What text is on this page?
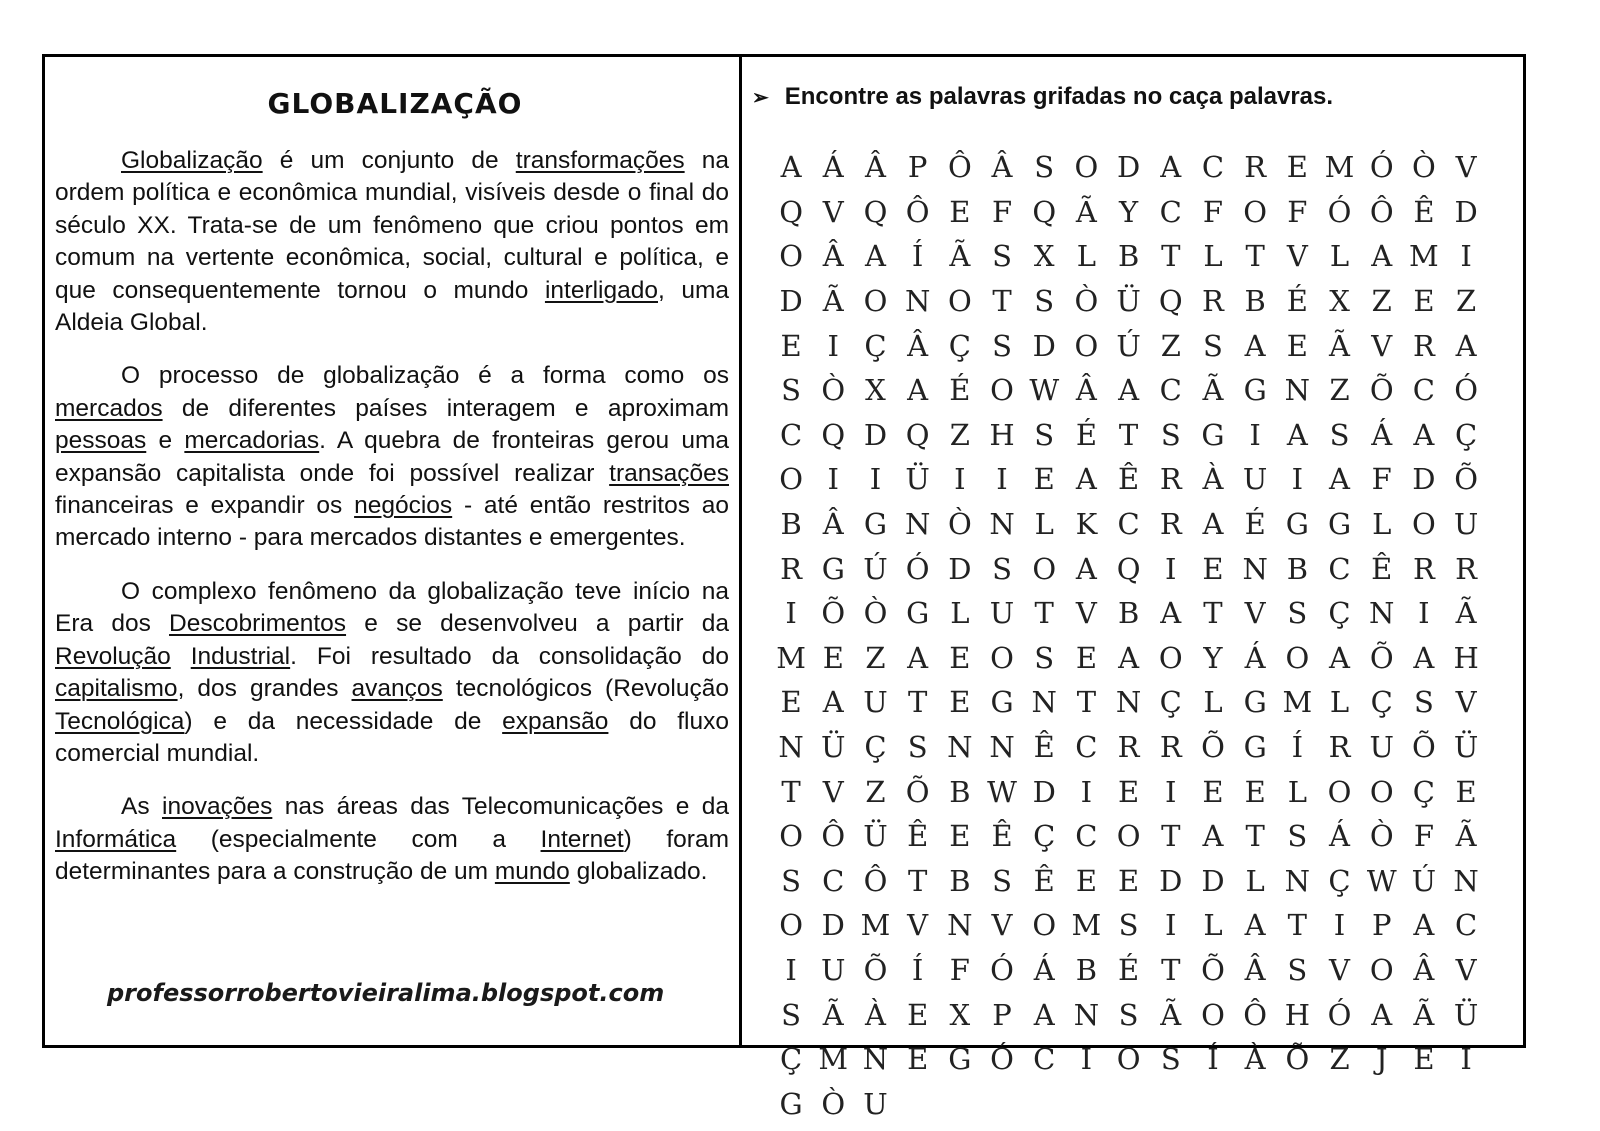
GLOBALIZAÇÃO

Globalização é um conjunto de transformações na ordem política e econômica mundial, visíveis desde o final do século XX. Trata-se de um fenômeno que criou pontos em comum na vertente econômica, social, cultural e política, e que consequentemente tornou o mundo interligado, uma Aldeia Global.

O processo de globalização é a forma como os mercados de diferentes países interagem e aproximam pessoas e mercadorias. A quebra de fronteiras gerou uma expansão capitalista onde foi possível realizar transações financeiras e expandir os negócios - até então restritos ao mercado interno - para mercados distantes e emergentes.

O complexo fenômeno da globalização teve início na Era dos Descobrimentos e se desenvolveu a partir da Revolução Industrial. Foi resultado da consolidação do capitalismo, dos grandes avanços tecnológicos (Revolução Tecnológica) e da necessidade de expansão do fluxo comercial mundial.

As inovações nas áreas das Telecomunicações e da Informática (especialmente com a Internet) foram determinantes para a construção de um mundo globalizado.

professorrobertovieiralima.blogspot.com
➢ Encontre as palavras grifadas no caça palavras.
A Á Â P Ô Â S O D A C R E M Ó Ò V
Q V Q Ô E F Q Ã Y C F O F Ó Ô Ê D
O Â A Í Ã S X L B T L T V L A M I
D Ã O N O T S Ò Ü Q R B É X Z E Z
E I Ç Â Ç S D O Ú Z S A E Ã V R A
S Ò X A É O W Â A C Ã G N Z Õ C Ó
C Q D Q Z H S É T S G I A S Á A Ç
O I	I Ü I	I E A Ê R À U I A F D Õ
B Â G N Ò N L K C R A É G G L O U
R G Ú Ó D S O A Q I E N B C Ê R R
I Õ Ò G L U T V B A T V S Ç N I Ã
M E Z A E O S E A O Y Á O A Õ A H
E A U T E G N T N Ç L G M L Ç S V
N Ü Ç S N N Ê C R R Õ G Í R U Õ Ü
T V Z Õ B W D I E I E E L O O Ç E
O Ô Ü Ê E Ê Ç C O T A T S Á Ò F Ã
S C Ô T B S Ê E E D D L N Ç W Ú N
O D M V N V O M S I L A T I P A C
I U Õ Í F Ó Á B É T Õ Â S V O Â V
S Ã À E X P A N S Ã O Ô H Ó A Ã Ü
Ç M N E G Ó C I O S Í À Õ Z J E I
G Ò U
